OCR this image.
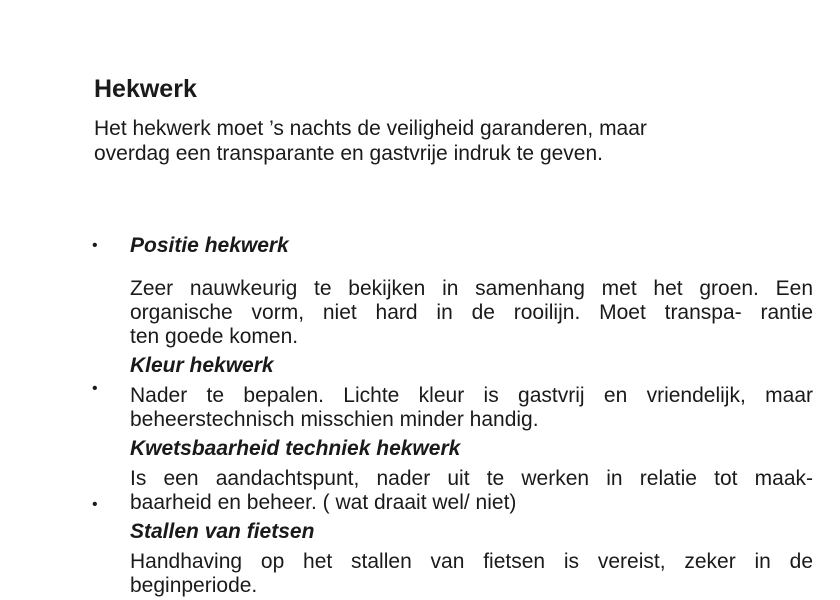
Hekwerk
Het hekwerk moet ’s nachts de veiligheid garanderen, maar
overdag een transparante en gastvrije indruk te geven.
•
•
•
Positie hekwerk
Zeer nauwkeurig te bekijken in samenhang met het groen. Een
organische vorm, niet hard in de rooilijn. Moet transpa- rantie
ten goede komen.
Kleur hekwerk
Nader te bepalen. Lichte kleur is gastvrij en vriendelijk, maar
beheerstechnisch misschien minder handig.
Kwetsbaarheid techniek hekwerk
Is een aandachtspunt, nader uit te werken in relatie tot maak-
baarheid en beheer. ( wat draait wel/ niet)
Stallen van fietsen
Handhaving op het stallen van fietsen is vereist, zeker in de
beginperiode.
